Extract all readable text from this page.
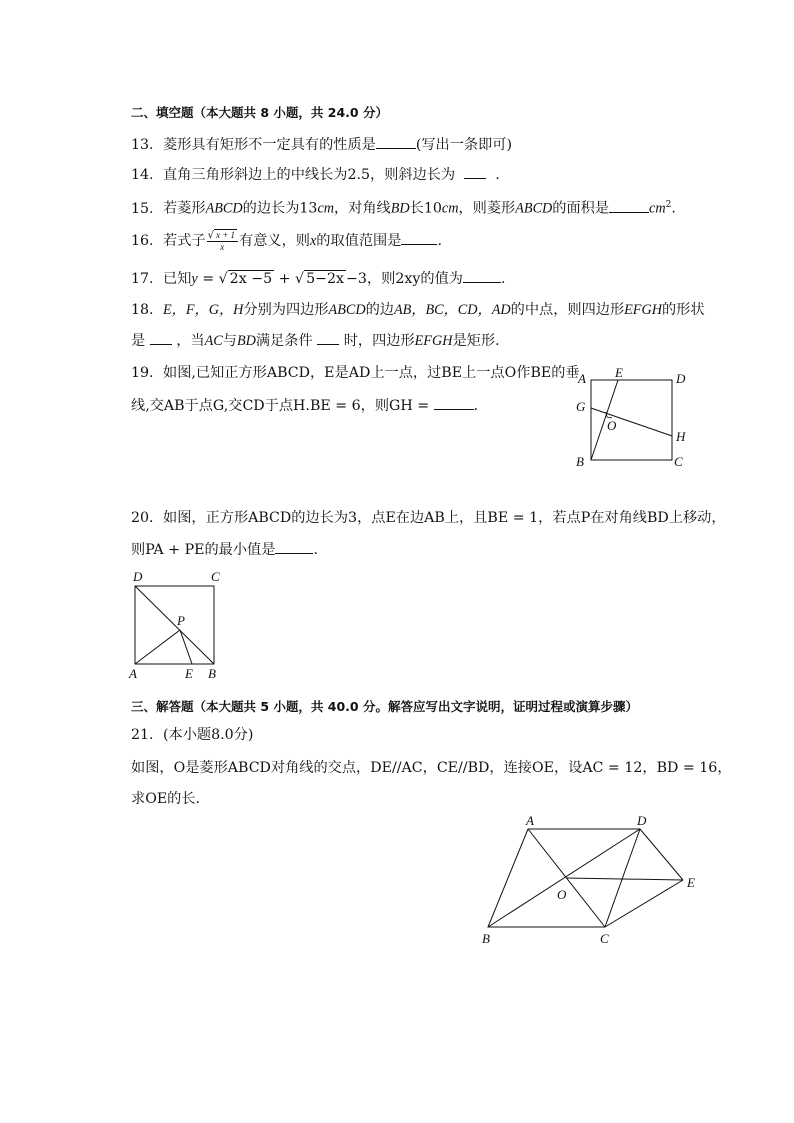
二、填空题（本大题共 8 小题，共 24.0 分）
13. 菱形具有矩形不一定具有的性质是	(写出一条即可)
14. 直角三角形斜边上的中线长为2.5，则斜边长为	.
15. 若菱形ABCD的边长为13cm，对角线BD长10cm，则菱形ABCD的面积是	$cm^2$.
16. 若式子 $\frac{√ x + 1}{x}$ 有意义，则x的取值范围是	.
17. 已知y = √ 2x −5 + √ 5−2x −3，则2xy的值为	.
18. E，F，G，H分别为四边形ABCD的边AB，BC，CD，AD的中点，则四边形EFGH的形状
是 ，当AC与BD满足条件 时，四边形EFGH是矩形.
19. 如图,已知正方形ABCD，E是AD上一点，过BE上一点O作BE的垂
线,交AB于点G,交CD于点H.BE = 6，则GH =	.
A E	D
G
O
H
B	C
20. 如图，正方形ABCD的边长为3，点E在边AB上，且BE = 1，若点P在对角线BD上移动，
则PA + PE的最小值是	.
D	C
P
A	E B
三、解答题（本大题共 5 小题，共 40.0 分。解答应写出文字说明，证明过程或演算步骤）
21. (本小题8.0分)
如图，O是菱形ABCD对角线的交点，DE//AC，CE//BD，连接OE，设AC = 12，BD = 16，
求OE的长.
A	D
E
O
B	C
